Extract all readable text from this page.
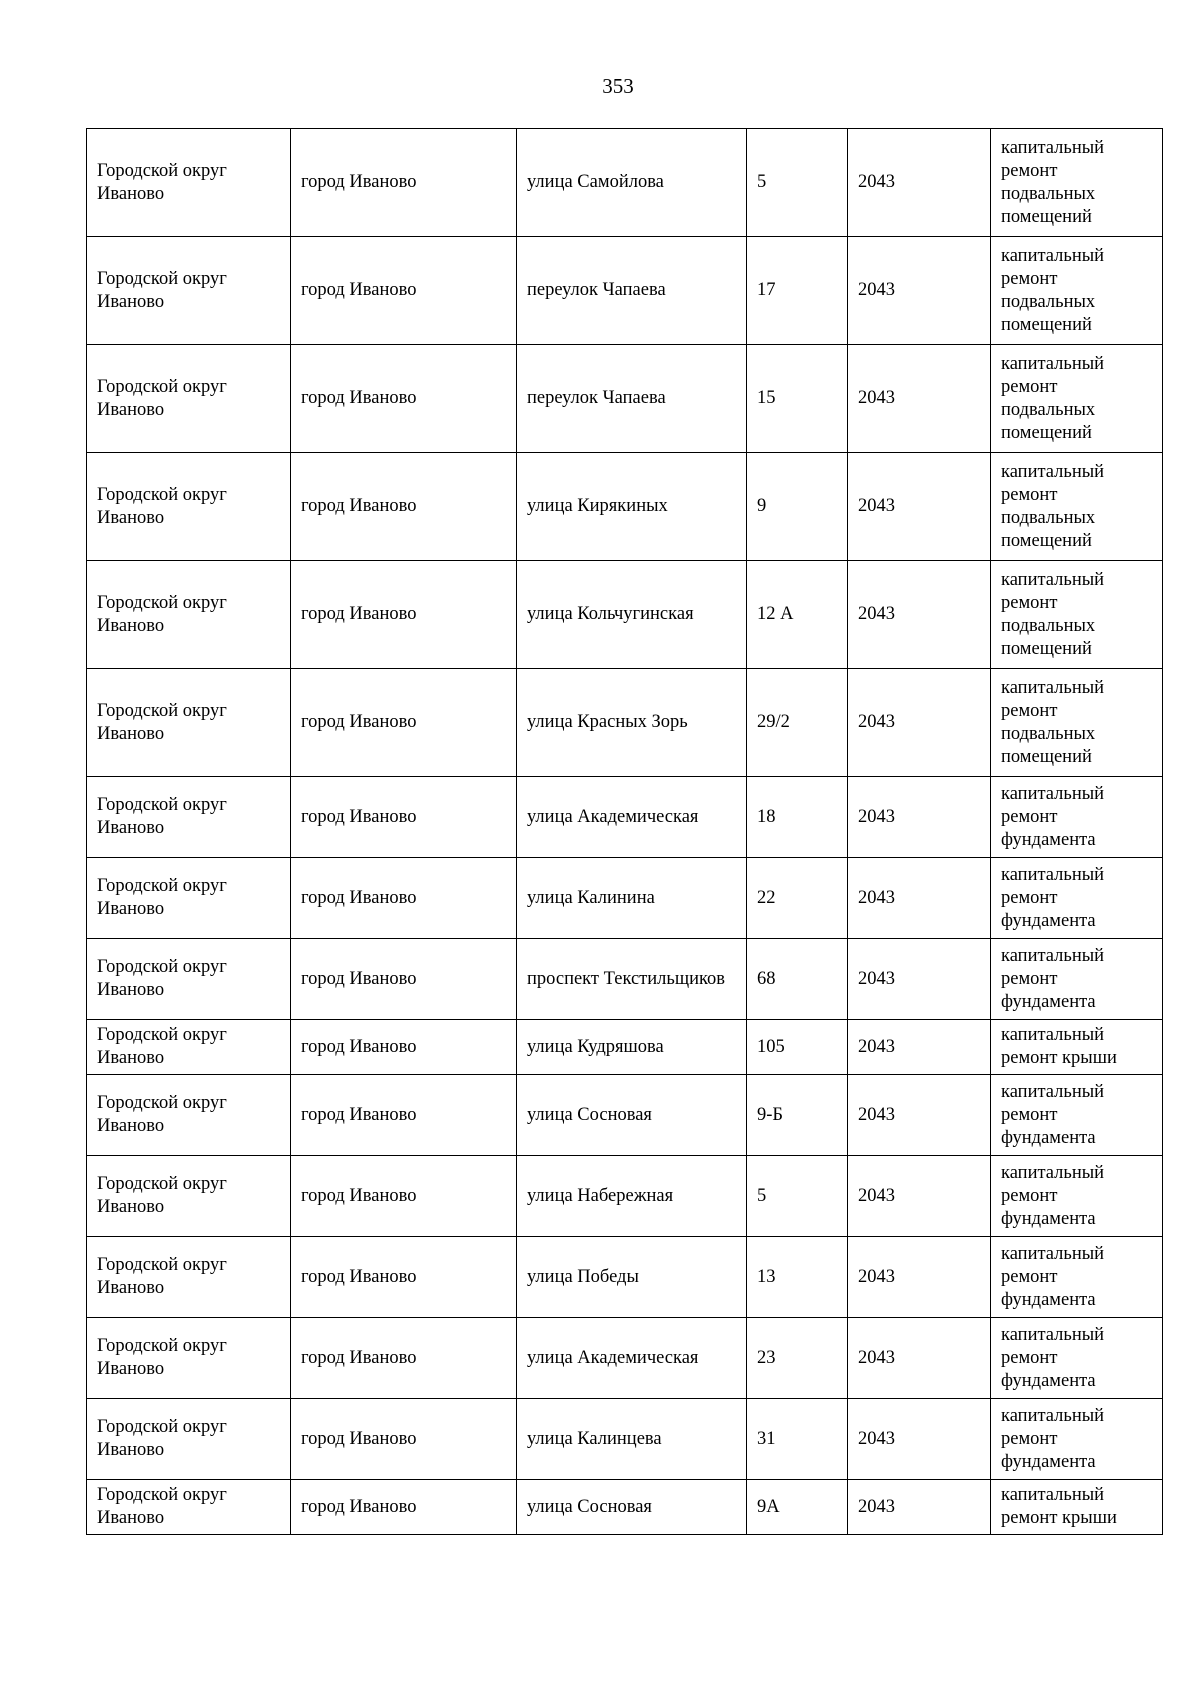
353
Городской округ Иваново	город Иваново	улица Самойлова	5	2043	капитальный ремонт подвальных помещений
Городской округ Иваново	город Иваново	переулок Чапаева	17	2043	капитальный ремонт подвальных помещений
Городской округ Иваново	город Иваново	переулок Чапаева	15	2043	капитальный ремонт подвальных помещений
Городской округ Иваново	город Иваново	улица Кирякиных	9	2043	капитальный ремонт подвальных помещений
Городской округ Иваново	город Иваново	улица Кольчугинская	12 А	2043	капитальный ремонт подвальных помещений
Городской округ Иваново	город Иваново	улица Красных Зорь	29/2	2043	капитальный ремонт подвальных помещений
Городской округ Иваново	город Иваново	улица Академическая	18	2043	капитальный ремонт фундамента
Городской округ Иваново	город Иваново	улица Калинина	22	2043	капитальный ремонт фундамента
Городской округ Иваново	город Иваново	проспект Текстильщиков	68	2043	капитальный ремонт фундамента
Городской округ Иваново	город Иваново	улица Кудряшова	105	2043	капитальный ремонт крыши
Городской округ Иваново	город Иваново	улица Сосновая	9-Б	2043	капитальный ремонт фундамента
Городской округ Иваново	город Иваново	улица Набережная	5	2043	капитальный ремонт фундамента
Городской округ Иваново	город Иваново	улица Победы	13	2043	капитальный ремонт фундамента
Городской округ Иваново	город Иваново	улица Академическая	23	2043	капитальный ремонт фундамента
Городской округ Иваново	город Иваново	улица Калинцева	31	2043	капитальный ремонт фундамента
Городской округ Иваново	город Иваново	улица Сосновая	9А	2043	капитальный ремонт крыши
